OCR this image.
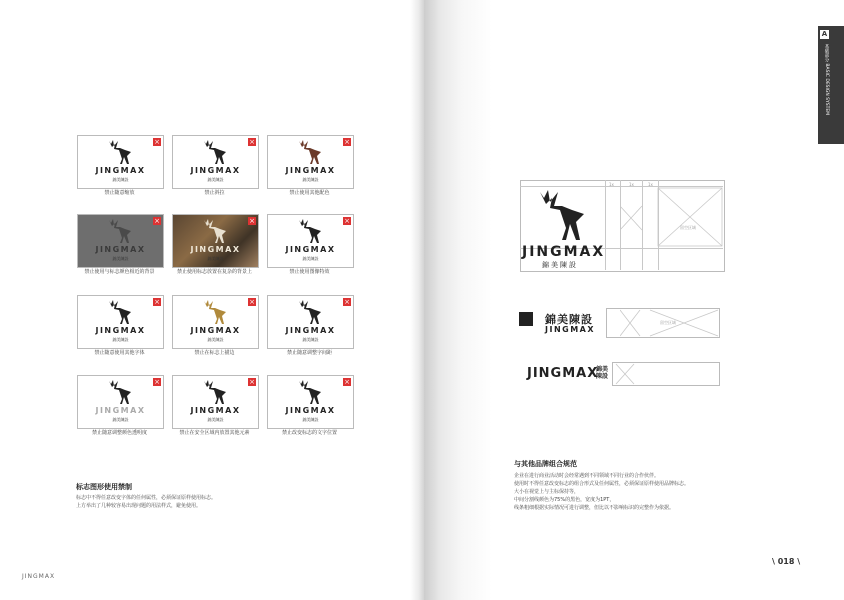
JINGMAX
錦美陳設
×
禁止随意缩放
JINGMAX
錦美陳設
×
禁止斜拉
JINGMAX
錦美陳設
×
禁止使用其他配色
JINGMAX
錦美陳設
×
禁止使用与标志颜色相近的背景
JINGMAX
錦美陳設
×
禁止使用标志放置在复杂的背景上
JINGMAX
錦美陳設
×
禁止使用图像特效
JINGMAX
錦美陳設
×
禁止随意使用其他字体
JINGMAX
錦美陳設
×
禁止在标志上描边
JINGMAX
錦美陳設
×
禁止随意调整字间距
JINGMAX
錦美陳設
×
禁止随意调整颜色透明度
JINGMAX
錦美陳設
×
禁止在安全区域内放置其他元素
JINGMAX
錦美陳設
×
禁止改变标志的文字位置
标志图形使用禁制
标志中不得任意改变字体的任何属性，必须保证原样使用标志。
上方举出了几种较容易出现问题的用法样式，避免使用。
JINGMAX
1x	1x	1x
留空区域
JINGMAX
錦美陳設
錦美陳設
JINGMAX
留空区域
JINGMAX
錦美陳設
与其他品牌组合规范
企业在进行商业活动时会经常遇到不同领域不同行业的合作伙伴。
使用时不得任意改变标志的组合形式及任何属性，必须保证原样使用品牌标志。
大小在视觉上与主标保持等，
中间分割线颜色为75%的黑色，宽度为1PT，
线条粗细根据实际情况可进行调整，但比以不影响标识的完整作为依据。
A
基础部分 BASIC DESIGN SYSTEM
\ 018 \
